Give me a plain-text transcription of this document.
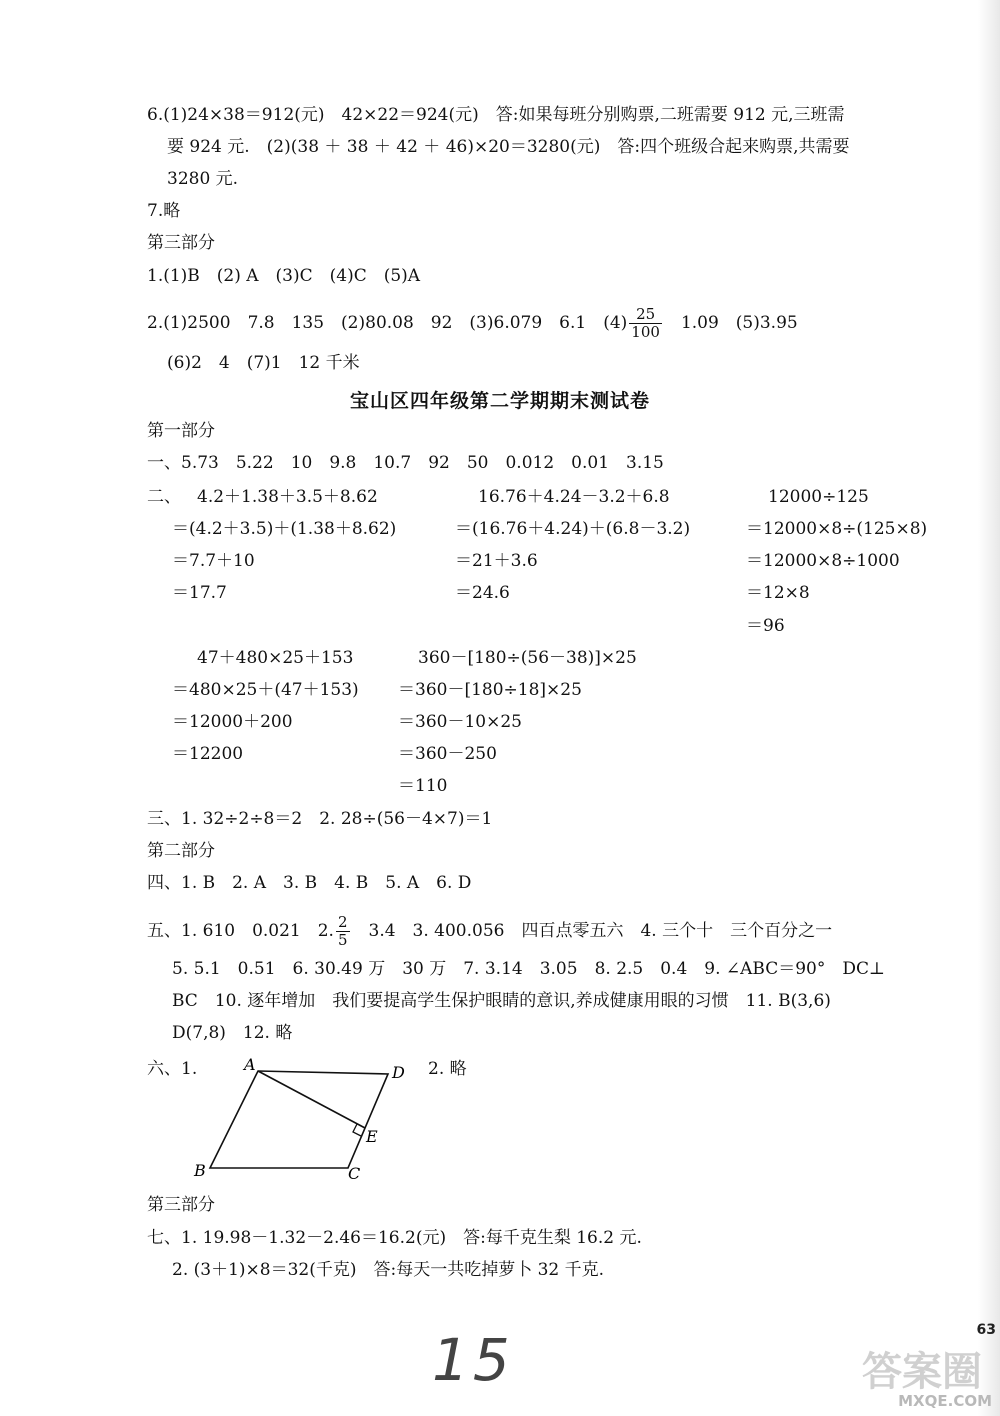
6.(1)24×38＝912(元)　42×22＝924(元)　答:如果每班分别购票,二班需要 912 元,三班需
要 924 元.　(2)(38 ＋ 38 ＋ 42 ＋ 46)×20＝3280(元)　答:四个班级合起来购票,共需要
3280 元.
7.略
第三部分
1.(1)B　(2) A　(3)C　(4)C　(5)A
2.(1)2500　7.8　135　(2)80.08　92　(3)6.079　6.1　$(4) \frac{25}{100}$
　 1.09　(5)3.95
(6)2　4　(7)1　12 千米
宝山区四年级第二学期期末测试卷
第一部分
一、5.73　5.22　10　9.8　10.7　92　50　0.012　0.01　3.15
二、 4.2＋1.38＋3.5＋8.62
＝(4.2＋3.5)＋(1.38＋8.62)
＝7.7＋10
＝17.7
16.76＋4.24－3.2＋6.8
＝(16.76＋4.24)＋(6.8－3.2)
＝21＋3.6
＝24.6
12000÷125
＝12000×8÷(125×8)
＝12000×8÷1000
＝12×8
＝96
47＋480×25＋153
＝480×25＋(47＋153)
＝12000＋200
＝12200
360－[180÷(56－38)]×25
＝360－[180÷18]×25
＝360－10×25
＝360－250
＝110
三、1. 32÷2÷8＝2　2. 28÷(56－4×7)＝1
第二部分
四、1. B　2. A　3. B　4. B　5. A　6. D
五、1. 610　0.021　2. $\frac{2}{5}$
　 3.4　3. 400.056　四百点零五六　4. 三个十　三个百分之一
5. 5.1　0.51　6. 30.49 万　30 万　7. 3.14　3.05　8. 2.5　0.4　9. ∠ABC＝90°　DC⊥
BC　10. 逐年增加　我们要提高学生保护眼睛的意识,养成健康用眼的习惯　11. B(3,6)
D(7,8)　12. 略
六、1.	2. 略
A	D
E
B	C
第三部分
七、1. 19.98－1.32－2.46＝16.2(元)　答:每千克生梨 16.2 元.
2. (3＋1)×8＝32(千克)　答:每天一共吃掉萝卜 32 千克.
15	63
答案圈
MXQE.COM
